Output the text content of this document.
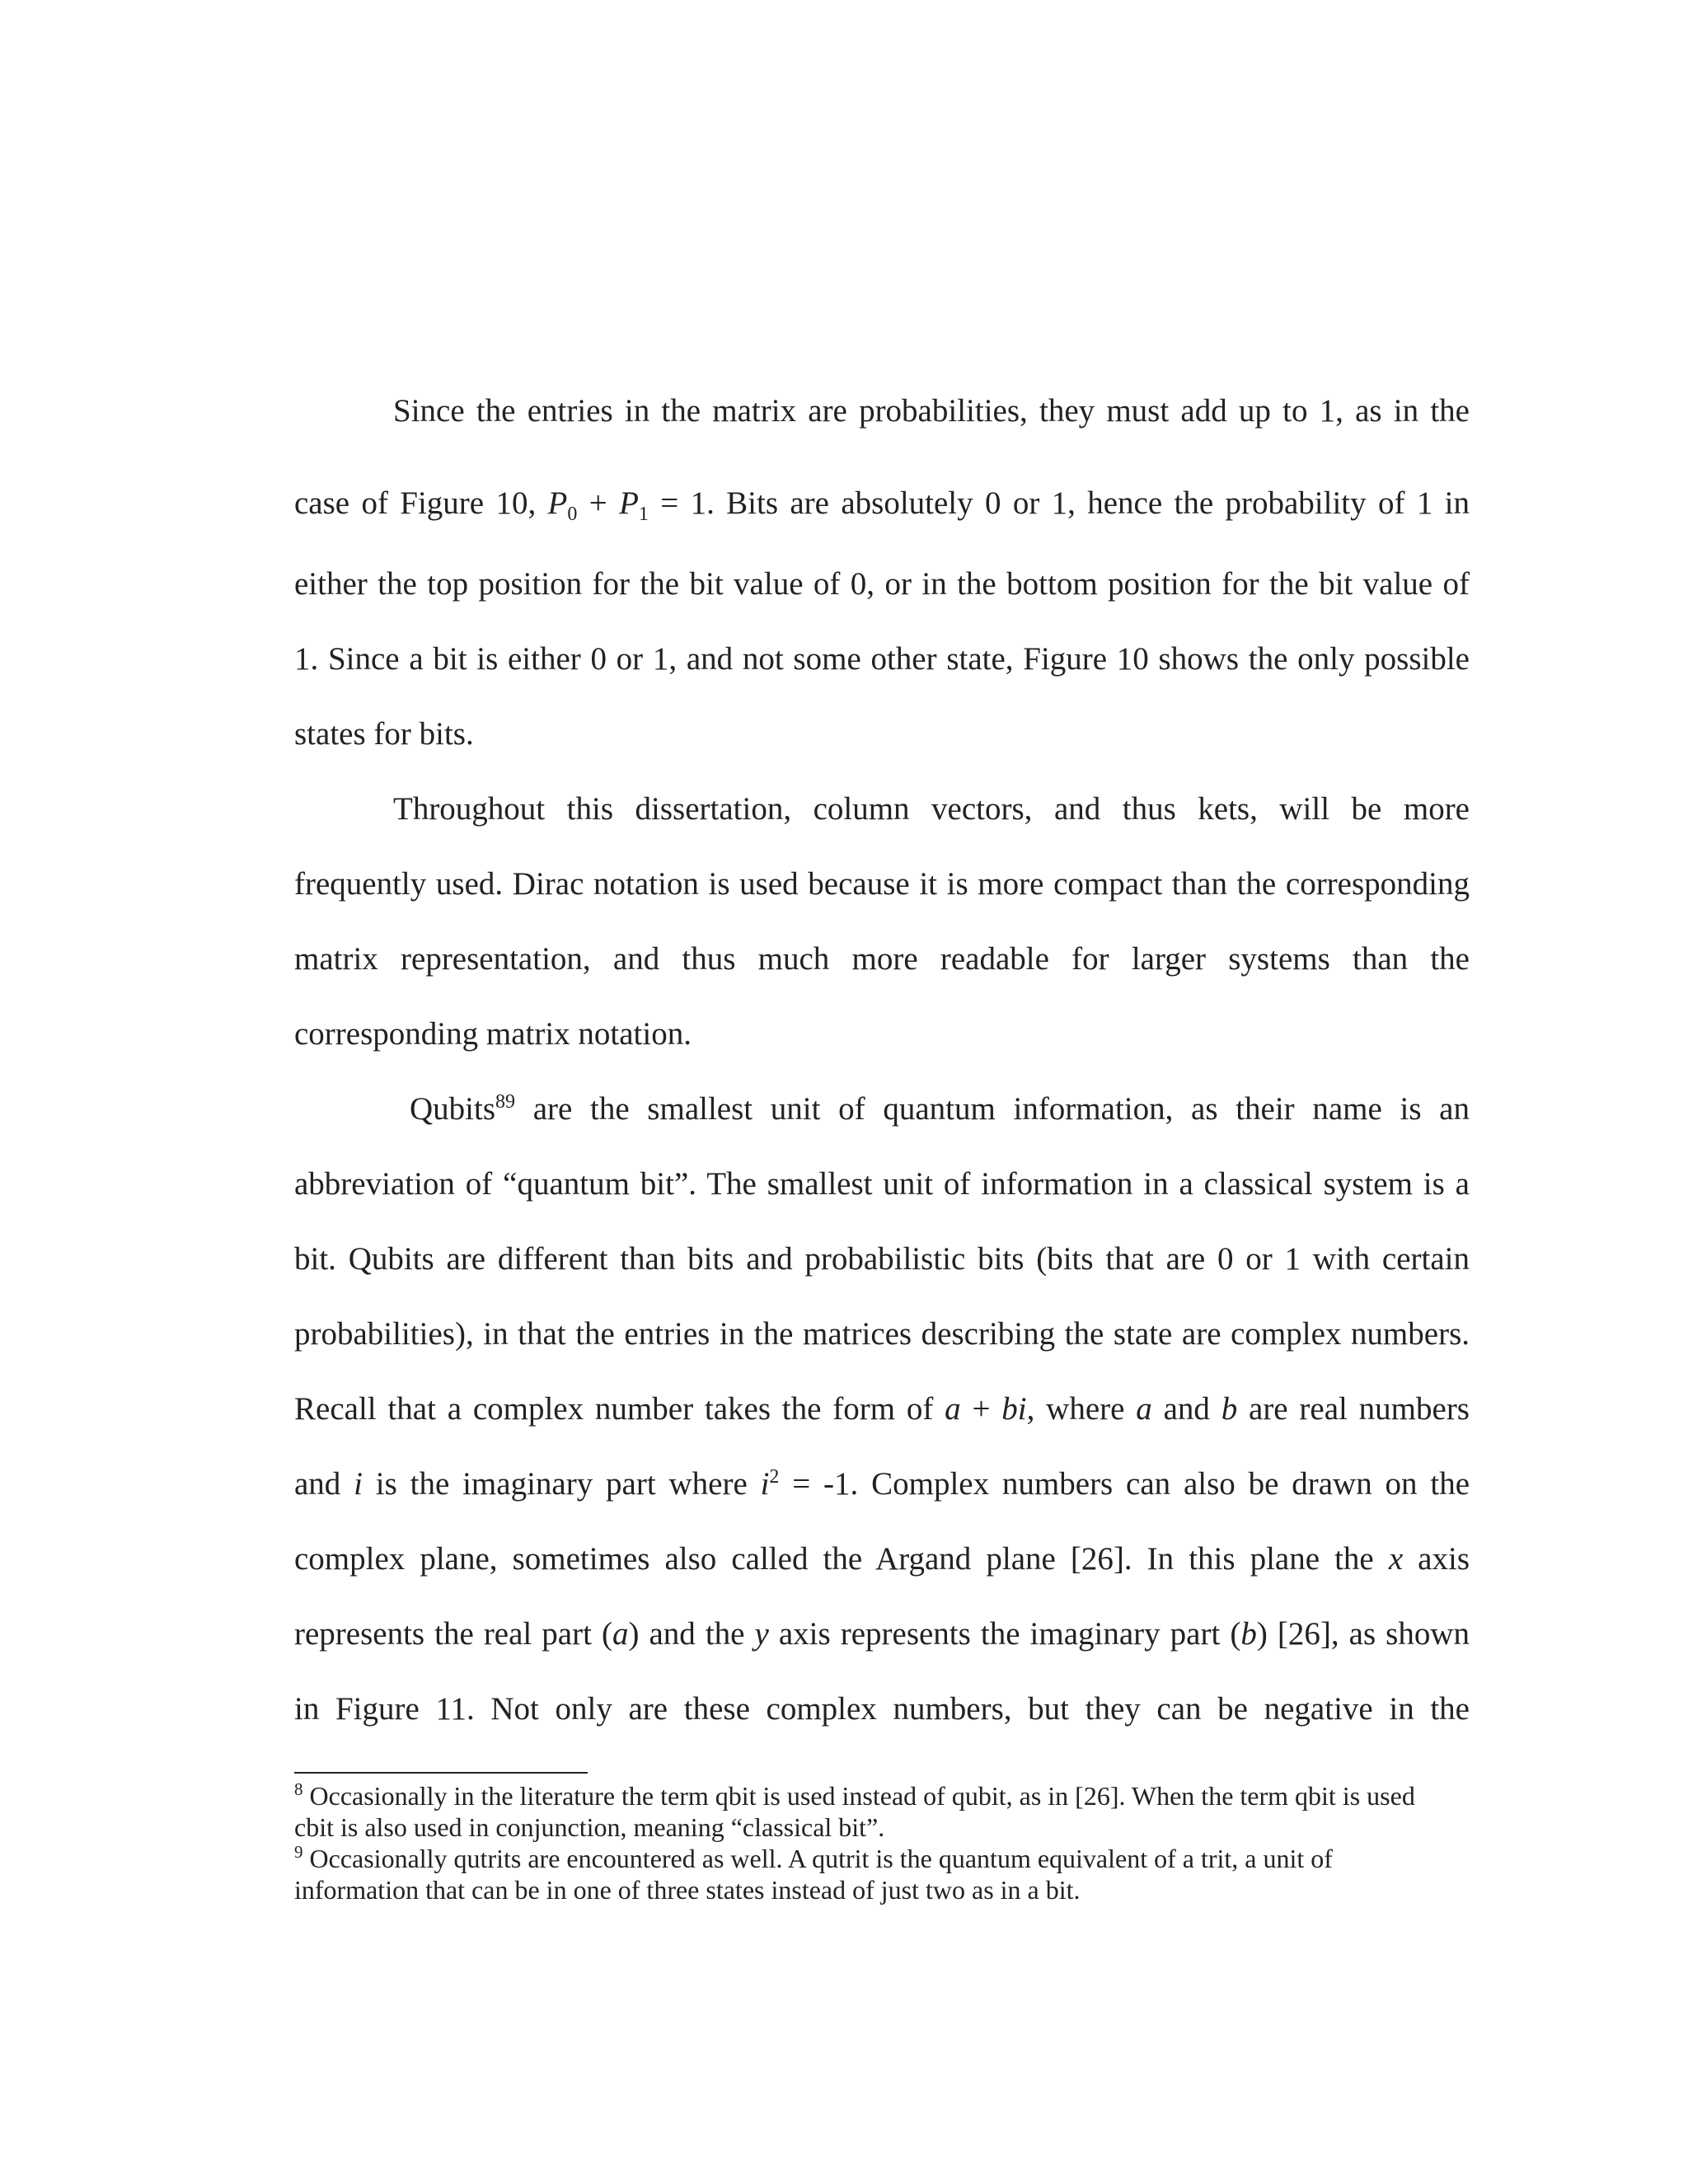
Since the entries in the matrix are probabilities, they must add up to 1, as in the
case of Figure 10, $P_0 + P_1 = 1$. Bits are absolutely 0 or 1, hence the probability of 1 in
either the top position for the bit value of 0, or in the bottom position for the bit value of
1. Since a bit is either 0 or 1, and not some other state, Figure 10 shows the only possible
states for bits.
Throughout this dissertation, column vectors, and thus kets, will be more
frequently used. Dirac notation is used because it is more compact than the corresponding
matrix representation, and thus much more readable for larger systems than the
corresponding matrix notation.
Qubits$^{89}$ are the smallest unit of quantum information, as their name is an
abbreviation of “quantum bit”. The smallest unit of information in a classical system is a
bit. Qubits are different than bits and probabilistic bits (bits that are 0 or 1 with certain
probabilities), in that the entries in the matrices describing the state are complex numbers.
Recall that a complex number takes the form of a + bi, where a and b are real numbers
and i is the imaginary part where $i^2 = -1$. Complex numbers can also be drawn on the
complex plane, sometimes also called the Argand plane [26]. In this plane the x axis
represents the real part (a) and the y axis represents the imaginary part (b) [26], as shown
in Figure 11. Not only are these complex numbers, but they can be negative in the
$^8$ Occasionally in the literature the term qbit is used instead of qubit, as in [26]. When the term qbit is used
cbit is also used in conjunction, meaning “classical bit”.
$^9$ Occasionally qutrits are encountered as well. A qutrit is the quantum equivalent of a trit, a unit of
information that can be in one of three states instead of just two as in a bit.
